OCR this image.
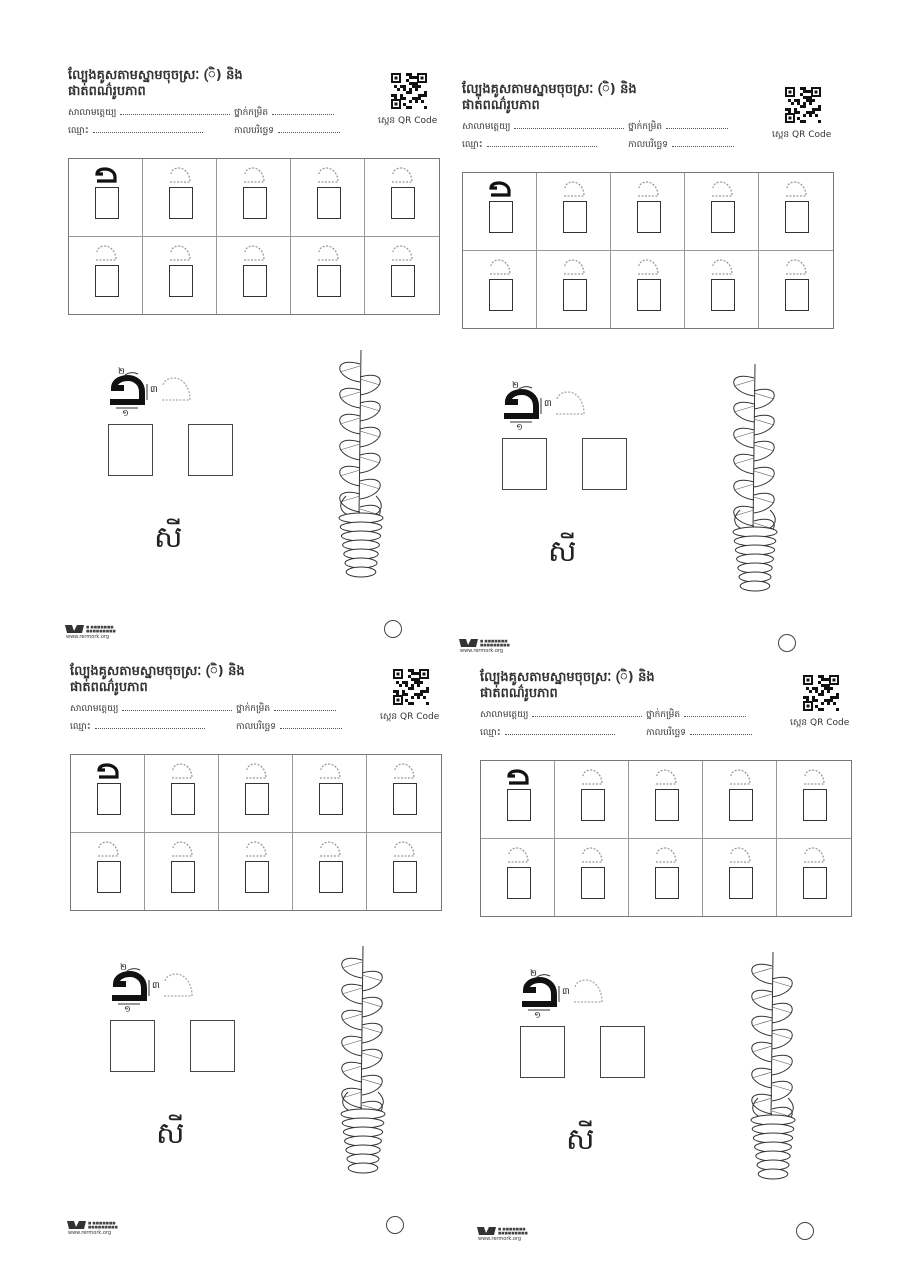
ល្បែងគូសតាមស្នាមចុចស្រៈ (ិ) និង
ផាត់ពណ៌រូបភាព
សាលាមត្តេយ្យ	ថ្នាក់កម្រិត
ឈ្មោះ	កាលបរិច្ឆេទ
ស្កេន QR Code
១
២
៣
សី
■ ■■■■■■■
■■■■■■■■■
www.rermork.org
ល្បែងគូសតាមស្នាមចុចស្រៈ (ិ) និង
ផាត់ពណ៌រូបភាព
សាលាមត្តេយ្យ	ថ្នាក់កម្រិត
ឈ្មោះ	កាលបរិច្ឆេទ
ស្កេន QR Code
១
២
៣
សី
■ ■■■■■■■
■■■■■■■■■
www.rermork.org
ល្បែងគូសតាមស្នាមចុចស្រៈ (ិ) និង
ផាត់ពណ៌រូបភាព
សាលាមត្តេយ្យ	ថ្នាក់កម្រិត
ឈ្មោះ	កាលបរិច្ឆេទ
ស្កេន QR Code
១
២
៣
សី
■ ■■■■■■■
■■■■■■■■■
www.rermork.org
ល្បែងគូសតាមស្នាមចុចស្រៈ (ិ) និង
ផាត់ពណ៌រូបភាព
សាលាមត្តេយ្យ	ថ្នាក់កម្រិត
ឈ្មោះ	កាលបរិច្ឆេទ
ស្កេន QR Code
១
២
៣
សី
■ ■■■■■■■
■■■■■■■■■
www.rermork.org
